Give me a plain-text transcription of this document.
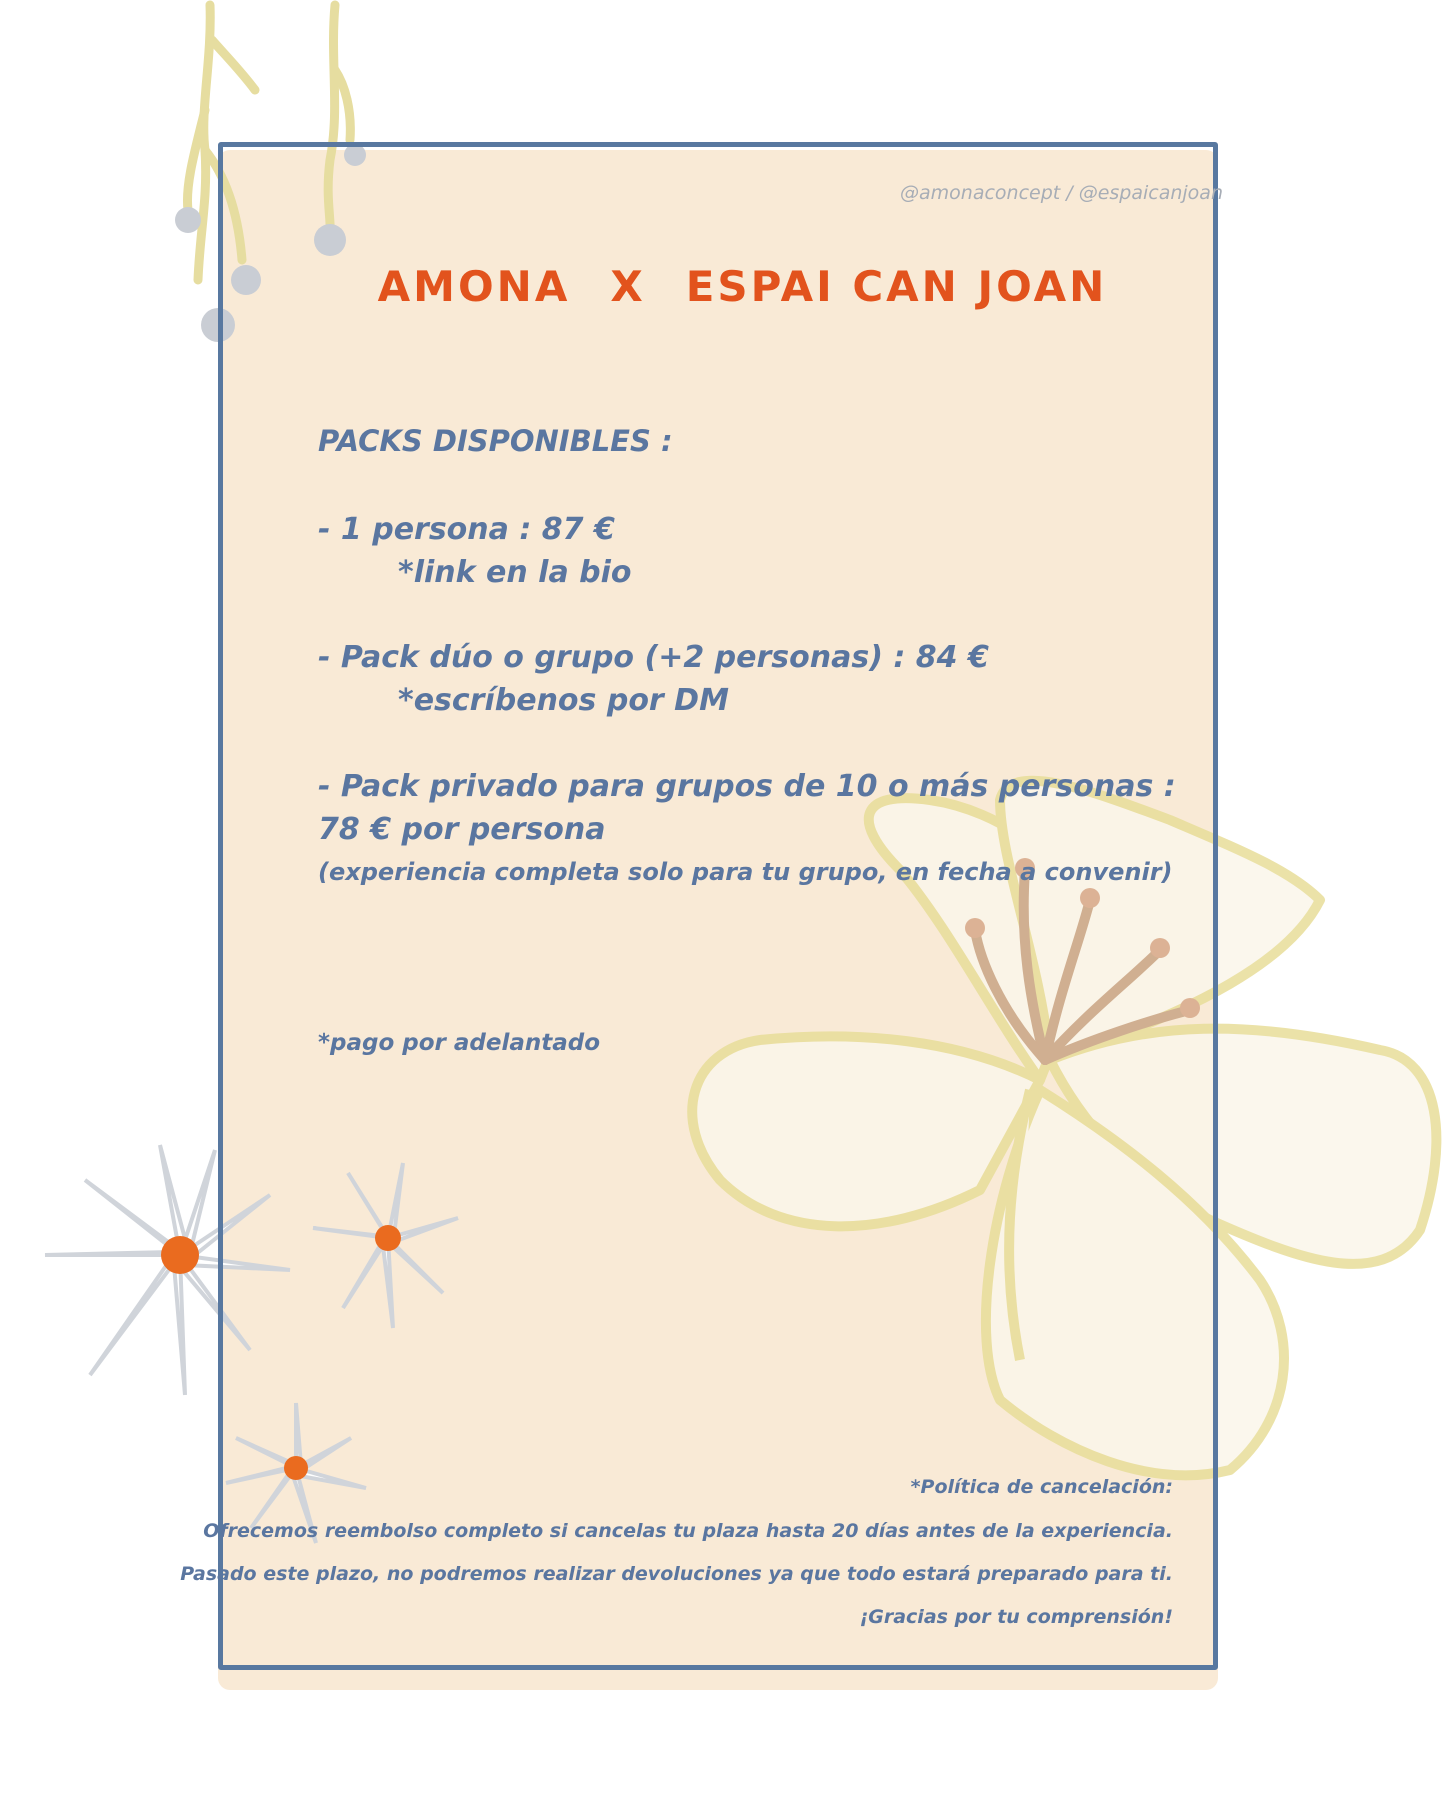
@amonaconcept / @espaicanjoan
AMONA X ESPAI CAN JOAN
PACKS DISPONIBLES :
- 1 persona : 87 €
*link en la bio
- Pack dúo o grupo (+2 personas) : 84 €
*escríbenos por DM
- Pack privado para grupos de 10 o más personas :
78 € por persona
(experiencia completa solo para tu grupo, en fecha a convenir)
*pago por adelantado
*Política de cancelación:
Ofrecemos reembolso completo si cancelas tu plaza hasta 20 días antes de la experiencia.
Pasado este plazo, no podremos realizar devoluciones ya que todo estará preparado para ti.
¡Gracias por tu comprensión!
